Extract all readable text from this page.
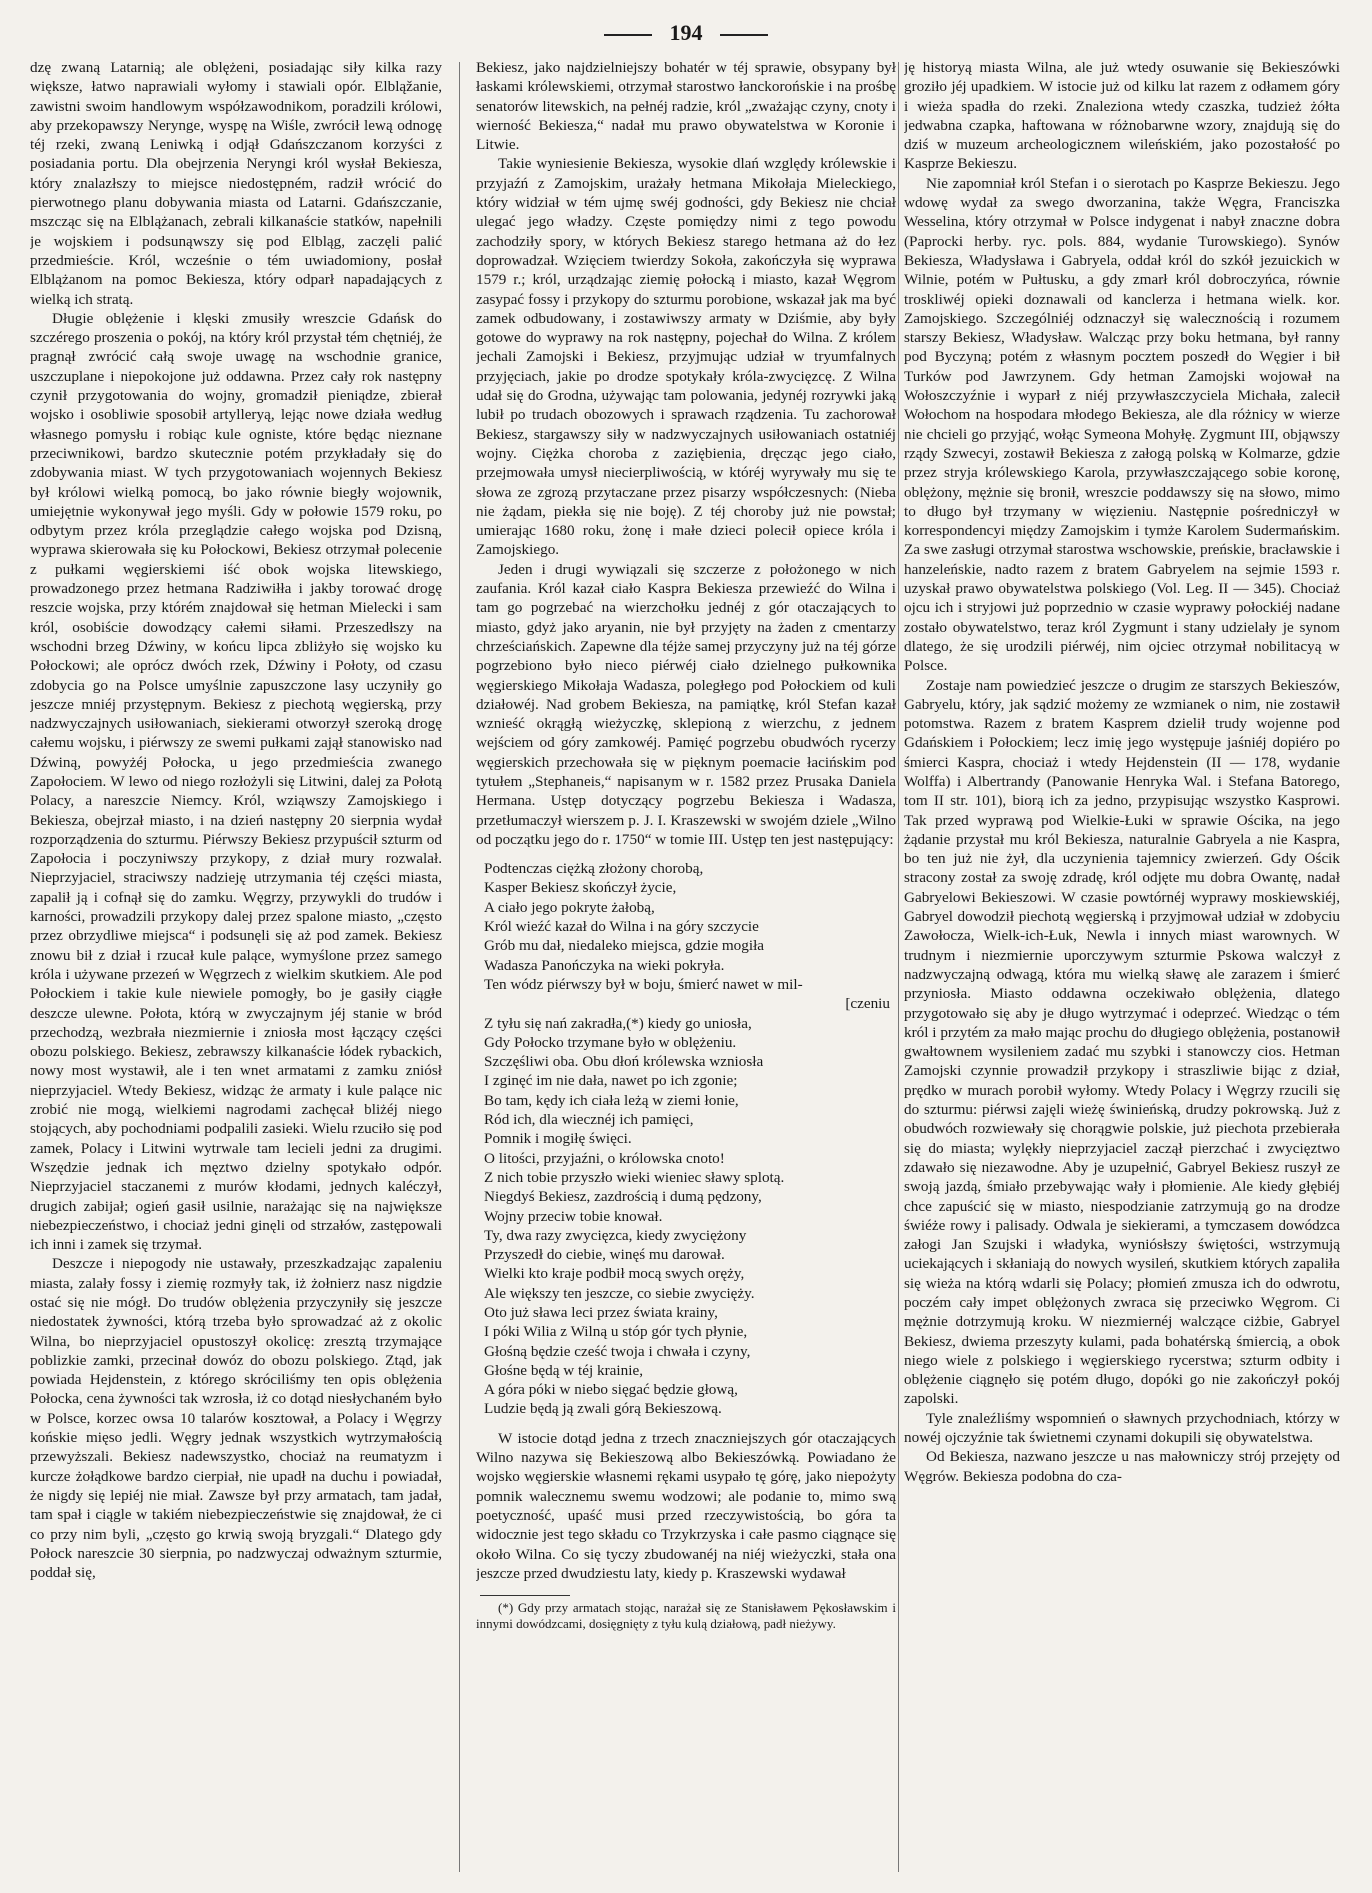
194

dzę zwaną Latarnią; ale oblężeni, posiadając siły kilka razy większe, łatwo naprawiali wyłomy i stawiali opór. Elbląžanie, zawistni swoim handlowym współzawodnikom, poradzili królowi, aby przekopawszy Nerynge, wyspę na Wiśle, zwrócił lewą odnogę téj rzeki, zwaną Leniwką i odjął Gdańszczanom korzyści z posiadania portu. Dla obejrzenia Neryngi król wysłał Bekiesza, który znalazłszy to miejsce niedostępném, radził wrócić do pierwotnego planu dobywania miasta od Latarni. Gdańszczanie, mszcząc się na Elblążanach, zebrali kilkanaście statków, napełnili je wojskiem i podsunąwszy się pod Elbląg, zaczęli palić przedmieście. Król, wcześnie o tém uwiadomiony, posłał Elblążanom na pomoc Bekiesza, który odparł napadających z wielką ich stratą.

Długie oblężenie i klęski zmusiły wreszcie Gdańsk do szczérego proszenia o pokój, na który król przystał tém chętniéj, że pragnął zwrócić całą swoje uwagę na wschodnie granice, uszczuplane i niepokojone już oddawna. Przez cały rok następny czynił przygotowania do wojny, gromadził pieniądze, zbierał wojsko i osobliwie sposobił artylleryą, lejąc nowe działa według własnego pomysłu i robiąc kule ogniste, które będąc nieznane przeciwnikowi, bardzo skutecznie potém przykładały się do zdobywania miast. W tych przygotowaniach wojennych Bekiesz był królowi wielką pomocą, bo jako równie biegły wojownik, umiejętnie wykonywał jego myśli. Gdy w połowie 1579 roku, po odbytym przez króla przeglądzie całego wojska pod Dzisną, wyprawa skierowała się ku Połockowi, Bekiesz otrzymał polecenie z pułkami węgierskiemi iść obok wojska litewskiego, prowadzonego przez hetmana Radziwiłła i jakby torować drogę reszcie wojska, przy którém znajdował się hetman Mielecki i sam król, osobiście dowodzący całemi siłami. Przeszedłszy na wschodni brzeg Dźwiny, w końcu lipca zbliżyło się wojsko ku Połockowi; ale oprócz dwóch rzek, Dźwiny i Połoty, od czasu zdobycia go na Polsce umyślnie zapuszczone lasy uczyniły go jeszcze mniéj przystępnym. Bekiesz z piechotą węgierską, przy nadzwyczajnych usiłowaniach, siekierami otworzył szeroką drogę całemu wojsku, i piérwszy ze swemi pułkami zajął stanowisko nad Dźwiną, powyżéj Połocka, u jego przedmieścia zwanego Zapołociem. W lewo od niego rozłożyli się Litwini, dalej za Połotą Polacy, a nareszcie Niemcy. Król, wziąwszy Zamojskiego i Bekiesza, obejrzał miasto, i na dzień następny 20 sierpnia wydał rozporządzenia do szturmu. Piérwszy Bekiesz przypuścił szturm od Zapołocia i poczyniwszy przykopy, z dział mury rozwalał. Nieprzyjaciel, straciwszy nadzieję utrzymania téj części miasta, zapalił ją i cofnął się do zamku. Węgrzy, przywykli do trudów i karności, prowadzili przykopy dalej przez spalone miasto, „często przez obrzydliwe miejsca“ i podsunęli się aż pod zamek. Bekiesz znowu bił z dział i rzucał kule palące, wymyślone przez samego króla i używane przezeń w Węgrzech z wielkim skutkiem. Ale pod Połockiem i takie kule niewiele pomogły, bo je gasiły ciągłe deszcze ulewne. Połota, którą w zwyczajnym jéj stanie w bród przechodzą, wezbrała niezmiernie i zniosła most łączący części obozu polskiego. Bekiesz, zebrawszy kilkanaście łódek rybackich, nowy most wystawił, ale i ten wnet armatami z zamku zniósł nieprzyjaciel. Wtedy Bekiesz, widząc że armaty i kule palące nic zrobić nie mogą, wielkiemi nagrodami zachęcał bliżéj niego stojących, aby pochodniami podpalili zasieki. Wielu rzuciło się pod zamek, Polacy i Litwini wytrwale tam lecieli jedni za drugimi. Wszędzie jednak ich męztwo dzielny spotykało odpór. Nieprzyjaciel staczanemi z murów kłodami, jednych kaléczył, drugich zabijał; ogień gasił usilnie, narażając się na największe niebezpieczeństwo, i chociaż jedni ginęli od strzałów, zastępowali ich inni i zamek się trzymał.

Deszcze i niepogody nie ustawały, przeszkadzając zapaleniu miasta, zalały fossy i ziemię rozmyły tak, iż żołnierz nasz nigdzie ostać się nie mógł. Do trudów oblężenia przyczyniły się jeszcze niedostatek żywności, którą trzeba było sprowadzać aż z okolic Wilna, bo nieprzyjaciel opustoszył okolicę: zresztą trzymające poblizkie zamki, przecinał dowóz do obozu polskiego. Ztąd, jak powiada Hejdenstein, z którego skróciliśmy ten opis oblężenia Połocka, cena żywności tak wzrosła, iż co dotąd niesłychaném było w Polsce, korzec owsa 10 talarów kosztował, a Polacy i Węgrzy końskie mięso jedli. Węgry jednak wszystkich wytrzymałością przewyższali. Bekiesz nadewszystko, chociaż na reumatyzm i kurcze żołądkowe bardzo cierpiał, nie upadł na duchu i powiadał, że nigdy się lepiéj nie miał. Zawsze był przy armatach, tam jadał, tam spał i ciągle w takiém niebezpieczeństwie się znajdował, że ci co przy nim byli, „często go krwią swoją bryzgali.“ Dlatego gdy Połock nareszcie 30 sierpnia, po nadzwyczaj odważnym szturmie, poddał się,

Bekiesz, jako najdzielniejszy bohatér w téj sprawie, obsypany był łaskami królewskiemi, otrzymał starostwo łanckorońskie i na prośbę senatorów litewskich, na pełnéj radzie, król „zważając czyny, cnoty i wierność Bekiesza,“ nadał mu prawo obywatelstwa w Koronie i Litwie.

Takie wyniesienie Bekiesza, wysokie dlań względy królewskie i przyjaźń z Zamojskim, urażały hetmana Mikołaja Mieleckiego, który widział w tém ujmę swéj godności, gdy Bekiesz nie chciał ulegać jego władzy. Częste pomiędzy nimi z tego powodu zachodziły spory, w których Bekiesz starego hetmana aż do łez doprowadzał. Wzięciem twierdzy Sokoła, zakończyła się wyprawa 1579 r.; król, urządzając ziemię połocką i miasto, kazał Węgrom zasypać fossy i przykopy do szturmu porobione, wskazał jak ma być zamek odbudowany, i zostawiwszy armaty w Dziśmie, aby były gotowe do wyprawy na rok następny, pojechał do Wilna. Z królem jechali Zamojski i Bekiesz, przyjmując udział w tryumfalnych przyjęciach, jakie po drodze spotykały króla-zwycięzcę. Z Wilna udał się do Grodna, używając tam polowania, jedynéj rozrywki jaką lubił po trudach obozowych i sprawach rządzenia. Tu zachorował Bekiesz, stargawszy siły w nadzwyczajnych usiłowaniach ostatniéj wojny. Ciężka choroba z zaziębienia, dręcząc jego ciało, przejmowała umysł niecierpliwością, w któréj wyrywały mu się te słowa ze zgrozą przytaczane przez pisarzy współczesnych: (Nieba nie żądam, piekła się nie boję). Z téj choroby już nie powstał; umierając 1680 roku, żonę i małe dzieci polecił opiece króla i Zamojskiego.

Jeden i drugi wywiązali się szczerze z położonego w nich zaufania. Król kazał ciało Kaspra Bekiesza przewieźć do Wilna i tam go pogrzebać na wierzchołku jednéj z gór otaczających to miasto, gdyż jako aryanin, nie był przyjęty na żaden z cmentarzy chrześciańskich. Zapewne dla téjże samej przyczyny już na téj górze pogrzebiono było nieco piérwéj ciało dzielnego pułkownika węgierskiego Mikołaja Wadasza, poległego pod Połockiem od kuli działowéj. Nad grobem Bekiesza, na pamiątkę, król Stefan kazał wznieść okrągłą wieżyczkę, sklepioną z wierzchu, z jednem wejściem od góry zamkowéj. Pamięć pogrzebu obudwóch rycerzy węgierskich przechowała się w pięknym poemacie łacińskim pod tytułem „Stephaneis,“ napisanym w r. 1582 przez Prusaka Daniela Hermana. Ustęp dotyczący pogrzebu Bekiesza i Wadasza, przetłumaczył wierszem p. J. I. Kraszewski w swojém dziele „Wilno od początku jego do r. 1750“ w tomie III. Ustęp ten jest następujący:

Podtenczas ciężką złożony chorobą,

Kasper Bekiesz skończył życie,

A ciało jego pokryte żałobą,

Król wieźć kazał do Wilna i na góry szczycie

Grób mu dał, niedaleko miejsca, gdzie mogiła

Wadasza Panończyka na wieki pokryła.

Ten wódz piérwszy był w boju, śmierć nawet w mil-

[czeniu

Z tyłu się nań zakradła,(*) kiedy go uniosła,

Gdy Połocko trzymane było w oblężeniu.

Szczęśliwi oba. Obu dłoń królewska wzniosła

I zginęć im nie dała, nawet po ich zgonie;

Bo tam, kędy ich ciała leżą w ziemi łonie,

Ród ich, dla wiecznéj ich pamięci,

Pomnik i mogiłę święci.

O litości, przyjaźni, o królowska cnoto!

Z nich tobie przyszło wieki wieniec sławy splotą.

Niegdyś Bekiesz, zazdrością i dumą pędzony,

Wojny przeciw tobie knował.

Ty, dwa razy zwycięzca, kiedy zwyciężony

Przyszedł do ciebie, winęś mu darował.

Wielki kto kraje podbił mocą swych oręży,

Ale większy ten jeszcze, co siebie zwycięży.

Oto już sława leci przez świata krainy,

I póki Wilia z Wilną u stóp gór tych płynie,

Głośną będzie cześć twoja i chwała i czyny,

Głośne będą w téj krainie,

A góra póki w niebo sięgać będzie głową,

Ludzie będą ją zwali górą Bekieszową.

W istocie dotąd jedna z trzech znaczniejszych gór otaczających Wilno nazywa się Bekieszową albo Bekieszówką. Powiadano że wojsko węgierskie własnemi rękami usypało tę górę, jako niepożyty pomnik walecznemu swemu wodzowi; ale podanie to, mimo swą poetyczność, upaść musi przed rzeczywistością, bo góra ta widocznie jest tego składu co Trzykrzyska i całe pasmo ciągnące się około Wilna. Co się tyczy zbudowanéj na niéj wieżyczki, stała ona jeszcze przed dwudziestu laty, kiedy p. Kraszewski wydawał

(*) Gdy przy armatach stojąc, narażał się ze Stanisławem Pękosławskim i innymi dowódzcami, dosięgnięty z tyłu kulą działową, padł nieżywy.

ję historyą miasta Wilna, ale już wtedy osuwanie się Bekieszówki groziło jéj upadkiem. W istocie już od kilku lat razem z odłamem góry i wieża spadła do rzeki. Znaleziona wtedy czaszka, tudzież żółta jedwabna czapka, haftowana w różnobarwne wzory, znajdują się do dziś w muzeum archeologicznem wileńskiém, jako pozostałość po Kasprze Bekieszu.

Nie zapomniał król Stefan i o sierotach po Kasprze Bekieszu. Jego wdowę wydał za swego dworzanina, także Węgra, Franciszka Wesselina, który otrzymał w Polsce indygenat i nabył znaczne dobra (Paprocki herby. ryc. pols. 884, wydanie Turowskiego). Synów Bekiesza, Władysława i Gabryela, oddał król do szkół jezuickich w Wilnie, potém w Pułtusku, a gdy zmarł król dobroczyńca, równie troskliwéj opieki doznawali od kanclerza i hetmana wielk. kor. Zamojskiego. Szczególniéj odznaczył się walecznością i rozumem starszy Bekiesz, Władysław. Walcząc przy boku hetmana, był ranny pod Byczyną; potém z własnym pocztem poszedł do Węgier i bił Turków pod Jawrzynem. Gdy hetman Zamojski wojował na Wołoszczyźnie i wyparł z niéj przywłaszczyciela Michała, zalecił Wołochom na hospodara młodego Bekiesza, ale dla różnicy w wierze nie chcieli go przyjąć, wołąc Symeona Mohyłę. Zygmunt III, objąwszy rządy Szwecyi, zostawił Bekiesza z załogą polską w Kolmarze, gdzie przez stryja królewskiego Karola, przywłaszczającego sobie koronę, oblężony, mężnie się bronił, wreszcie poddawszy się na słowo, mimo to długo był trzymany w więzieniu. Następnie pośredniczył w korrespondencyi między Zamojskim i tymże Karolem Sudermańskim. Za swe zasługi otrzymał starostwa wschowskie, preńskie, bracławskie i hanzeleńskie, nadto razem z bratem Gabryelem na sejmie 1593 r. uzyskał prawo obywatelstwa polskiego (Vol. Leg. II — 345). Chociaż ojcu ich i stryjowi już poprzednio w czasie wyprawy połockiéj nadane zostało obywatelstwo, teraz król Zygmunt i stany udzielały je synom dlatego, że się urodzili piérwéj, nim ojciec otrzymał nobilitacyą w Polsce.

Zostaje nam powiedzieć jeszcze o drugim ze starszych Bekieszów, Gabryelu, który, jak sądzić możemy ze wzmianek o nim, nie zostawił potomstwa. Razem z bratem Kasprem dzielił trudy wojenne pod Gdańskiem i Połockiem; lecz imię jego występuje jaśniéj dopiéro po śmierci Kaspra, chociaż i wtedy Hejdenstein (II — 178, wydanie Wolffa) i Albertrandy (Panowanie Henryka Wal. i Stefana Batorego, tom II str. 101), biorą ich za jedno, przypisując wszystko Kasprowi. Tak przed wyprawą pod Wielkie-Łuki w sprawie Ościka, na jego żądanie przystał mu król Bekiesza, naturalnie Gabryela a nie Kaspra, bo ten już nie żył, dla uczynienia tajemnicy zwierzeń. Gdy Ościk stracony został za swoję zdradę, król odjęte mu dobra Owantę, nadał Gabryelowi Bekieszowi. W czasie powtórnéj wyprawy moskiewskiéj, Gabryel dowodził piechotą węgierską i przyjmował udział w zdobyciu Zawołocza, Wielk-ich-Łuk, Newla i innych miast warownych. W trudnym i niezmiernie uporczywym szturmie Pskowa walczył z nadzwyczajną odwagą, która mu wielką sławę ale zarazem i śmierć przyniosła. Miasto oddawna oczekiwało oblężenia, dlatego przygotowało się aby je długo wytrzymać i odeprzeć. Wiedząc o tém król i przytém za mało mając prochu do długiego oblężenia, postanowił gwałtownem wysileniem zadać mu szybki i stanowczy cios. Hetman Zamojski czynnie prowadził przykopy i straszliwie bijąc z dział, prędko w murach porobił wyłomy. Wtedy Polacy i Węgrzy rzucili się do szturmu: piérwsi zajęli wieżę świnieńską, drudzy pokrowską. Już z obudwóch rozwiewały się chorągwie polskie, już piechota przebierała się do miasta; wylękły nieprzyjaciel zaczął pierzchać i zwycięztwo zdawało się niezawodne. Aby je uzupełnić, Gabryel Bekiesz ruszył ze swoją jazdą, śmiało przebywając wały i płomienie. Ale kiedy głębiéj chce zapuścić się w miasto, niespodzianie zatrzymują go na drodze świéże rowy i palisady. Odwala je siekierami, a tymczasem dowódzca załogi Jan Szujski i władyka, wyniósłszy świętości, wstrzymują uciekających i skłaniają do nowych wysileń, skutkiem których zapaliła się wieża na którą wdarli się Polacy; płomień zmusza ich do odwrotu, poczém cały impet oblężonych zwraca się przeciwko Węgrom. Ci mężnie dotrzymują kroku. W niezmiernéj walczące ciżbie, Gabryel Bekiesz, dwiema przeszyty kulami, pada bohatérską śmiercią, a obok niego wiele z polskiego i węgierskiego rycerstwa; szturm odbity i oblężenie ciągnęło się potém długo, dopóki go nie zakończył pokój zapolski.

Tyle znaleźliśmy wspomnień o sławnych przychodniach, którzy w nowéj ojczyźnie tak świetnemi czynami dokupili się obywatelstwa.

Od Bekiesza, nazwano jeszcze u nas małowniczy strój przejęty od Węgrów. Bekiesza podobna do cza-
